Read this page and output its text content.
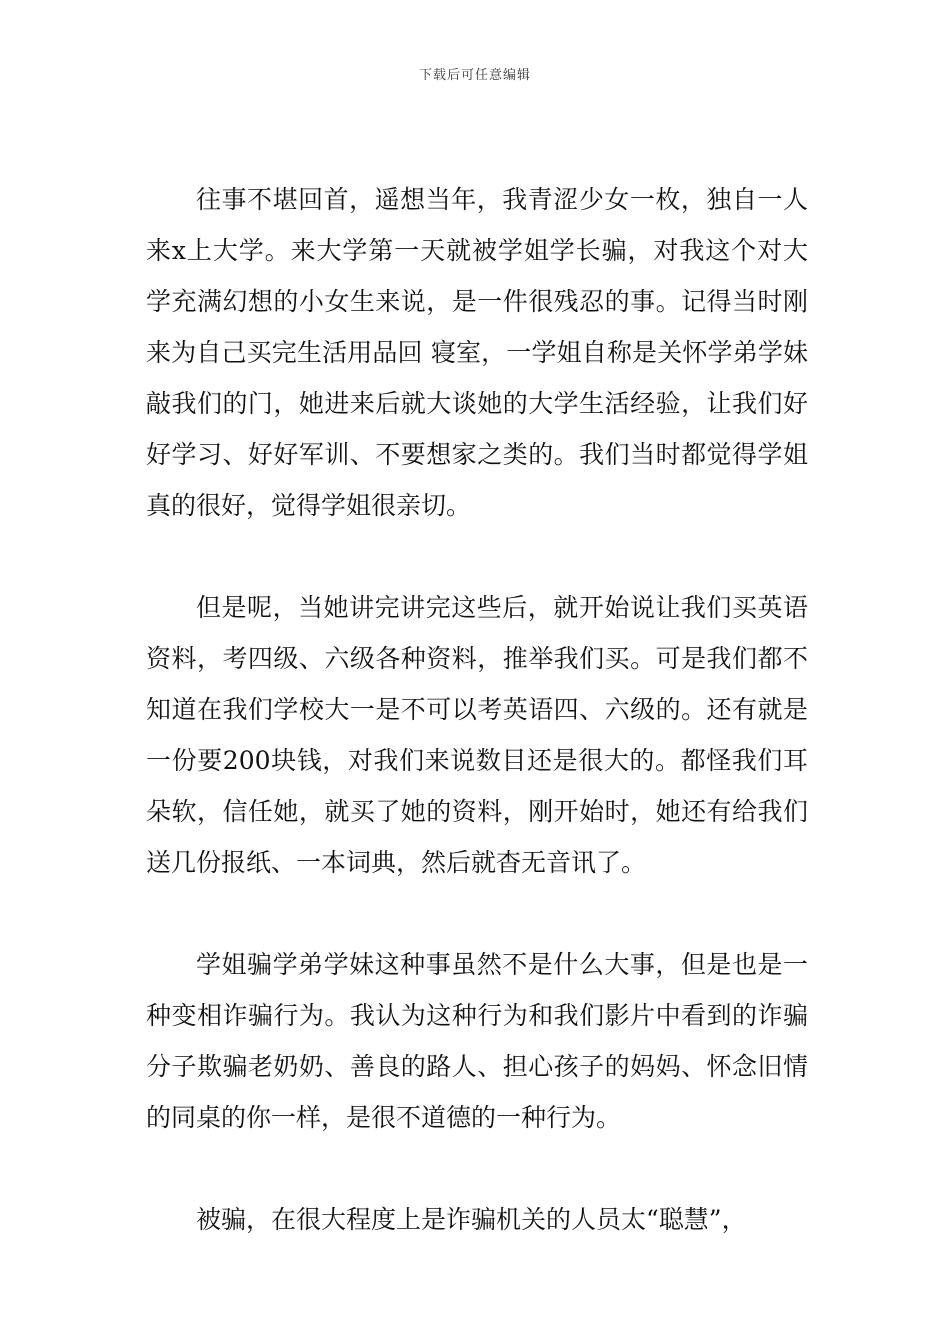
下载后可任意编辑

往事不堪回首，遥想当年，我青涩少女一枚，独自一人来x上大学。来大学第一天就被学姐学长骗，对我这个对大学充满幻想的小女生来说，是一件很残忍的事。记得当时刚来为自己买完生活用品回 寝室，一学姐自称是关怀学弟学妹敲我们的门，她进来后就大谈她的大学生活经验，让我们好好学习、好好军训、不要想家之类的。我们当时都觉得学姐真的很好，觉得学姐很亲切。

但是呢，当她讲完讲完这些后，就开始说让我们买英语资料，考四级、六级各种资料，推举我们买。可是我们都不知道在我们学校大一是不可以考英语四、六级的。还有就是一份要200块钱，对我们来说数目还是很大的。都怪我们耳朵软，信任她，就买了她的资料，刚开始时，她还有给我们送几份报纸、一本词典，然后就杳无音讯了。

学姐骗学弟学妹这种事虽然不是什么大事，但是也是一种变相诈骗行为。我认为这种行为和我们影片中看到的诈骗分子欺骗老奶奶、善良的路人、担心孩子的妈妈、怀念旧情的同桌的你一样，是很不道德的一种行为。

被骗，在很大程度上是诈骗机关的人员太“聪慧”，
